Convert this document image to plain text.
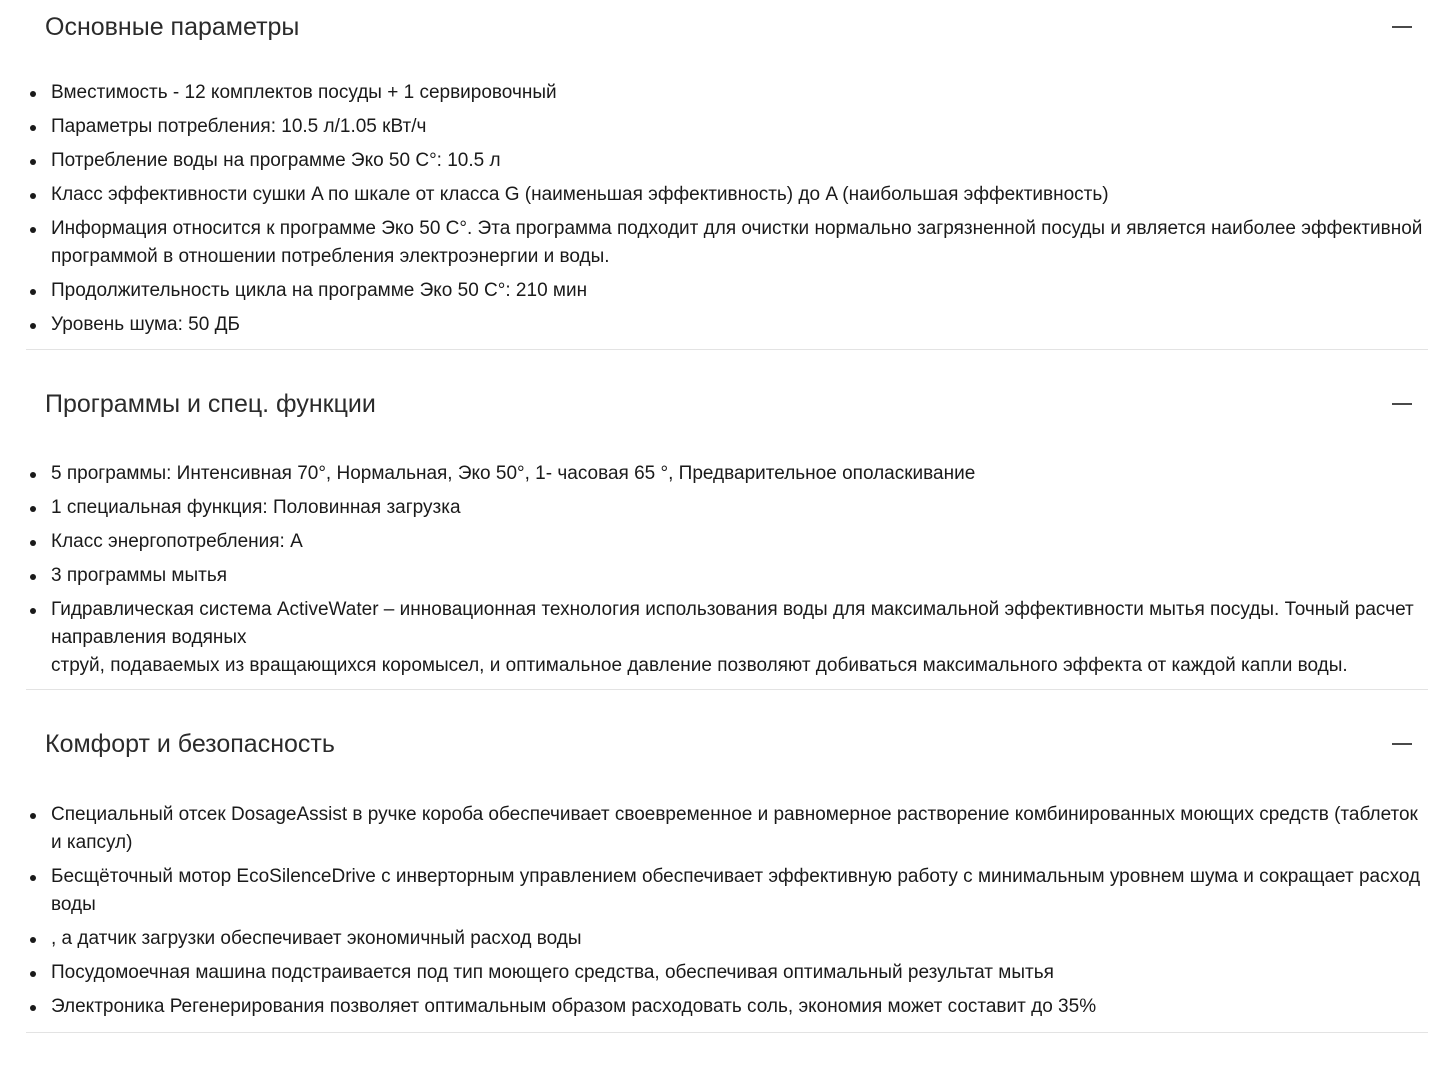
Основные параметры
Вместимость - 12 комплектов посуды + 1 сервировочный
Параметры потребления: 10.5 л/1.05 кВт/ч
Потребление воды на программе Эко 50 C°: 10.5 л
Класс эффективности сушки A по шкале от класса G (наименьшая эффективность) до A (наибольшая эффективность)
Информация относится к программе Эко 50 C°. Эта программа подходит для очистки нормально загрязненной посуды и является наиболее эффективной программой в отношении потребления электроэнергии и воды.
Продолжительность цикла на программе Эко 50 C°: 210 мин
Уровень шума: 50 ДБ
Программы и спец. функции
5 программы: Интенсивная 70°, Нормальная, Эко 50°, 1- часовая 65 °, Предварительное ополаскивание
1 специальная функция: Половинная загрузка
Класс энергопотребления: A
3 программы мытья
Гидравлическая система ActiveWater – инновационная технология использования воды для максимальной эффективности мытья посуды. Точный расчет направления водяных
струй, подаваемых из вращающихся коромысел, и оптимальное давление позволяют добиваться максимального эффекта от каждой капли воды.
Комфорт и безопасность
Специальный отсек DosageAssist в ручке короба обеспечивает своевременное и равномерное растворение комбинированных моющих средств (таблеток и капсул)
Бесщёточный мотор EcoSilenceDrive с инверторным управлением обеспечивает эффективную работу с минимальным уровнем шума и сокращает расход воды
, а датчик загрузки обеспечивает экономичный расход воды
Посудомоечная машина подстраивается под тип моющего средства, обеспечивая оптимальный результат мытья
Электроника Регенерирования позволяет оптимальным образом расходовать соль, экономия может составит до 35%
